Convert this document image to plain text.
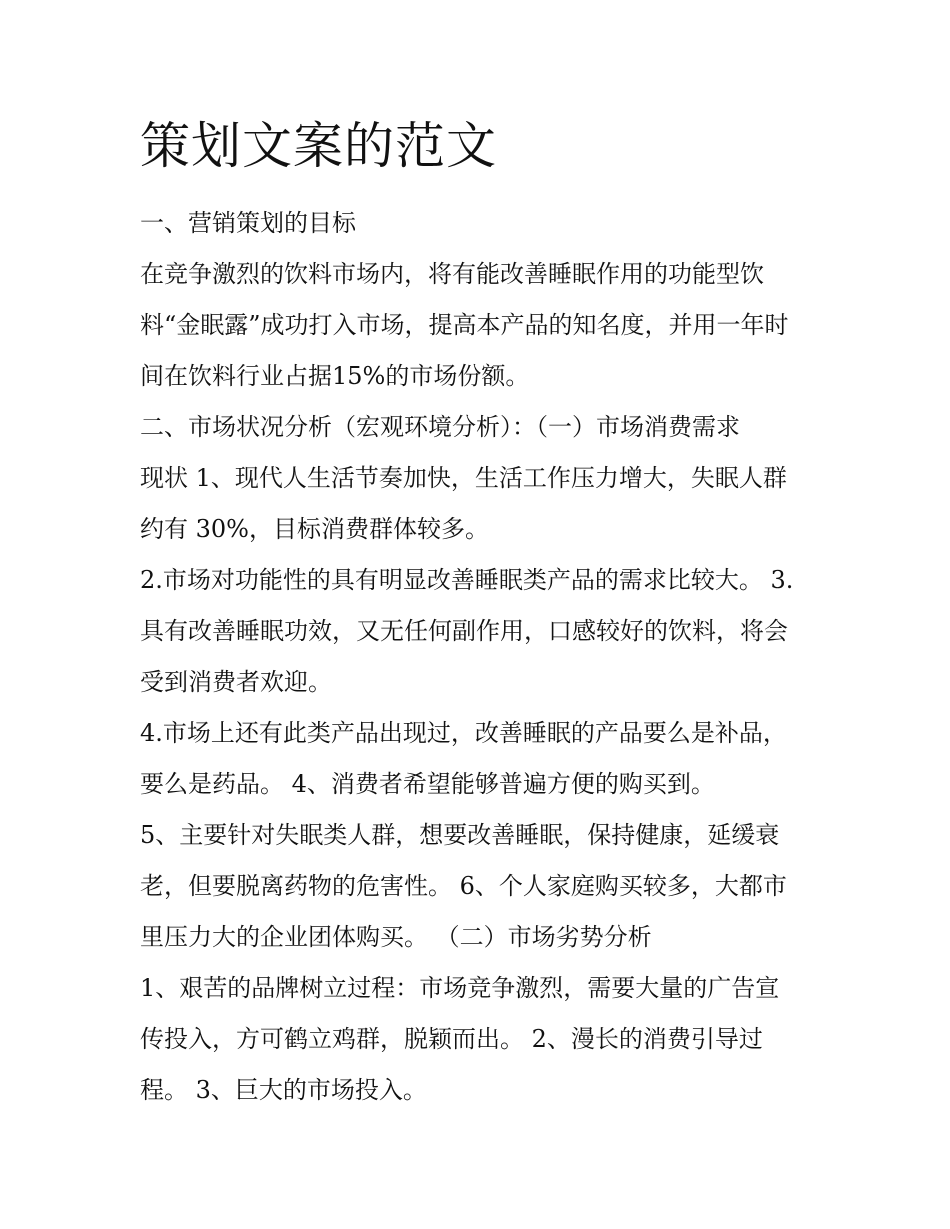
策划文案的范文
一、营销策划的目标
在竞争激烈的饮料市场内，将有能改善睡眠作用的功能型饮
料“金眠露”成功打入市场，提高本产品的知名度，并用一年时
间在饮料行业占据15%的市场份额。
二、市场状况分析（宏观环境分析）：（一）市场消费需求
现状 1、现代人生活节奏加快，生活工作压力增大，失眠人群
约有 30%，目标消费群体较多。
2.市场对功能性的具有明显改善睡眠类产品的需求比较大。 3.
具有改善睡眠功效，又无任何副作用，口感较好的饮料，将会
受到消费者欢迎。
4.市场上还有此类产品出现过，改善睡眠的产品要么是补品，
要么是药品。 4、消费者希望能够普遍方便的购买到。
5、主要针对失眠类人群，想要改善睡眠，保持健康，延缓衰
老，但要脱离药物的危害性。 6、个人家庭购买较多，大都市
里压力大的企业团体购买。 （二）市场劣势分析
1、艰苦的品牌树立过程：市场竞争激烈，需要大量的广告宣
传投入，方可鹤立鸡群，脱颖而出。 2、漫长的消费引导过
程。 3、巨大的市场投入。
